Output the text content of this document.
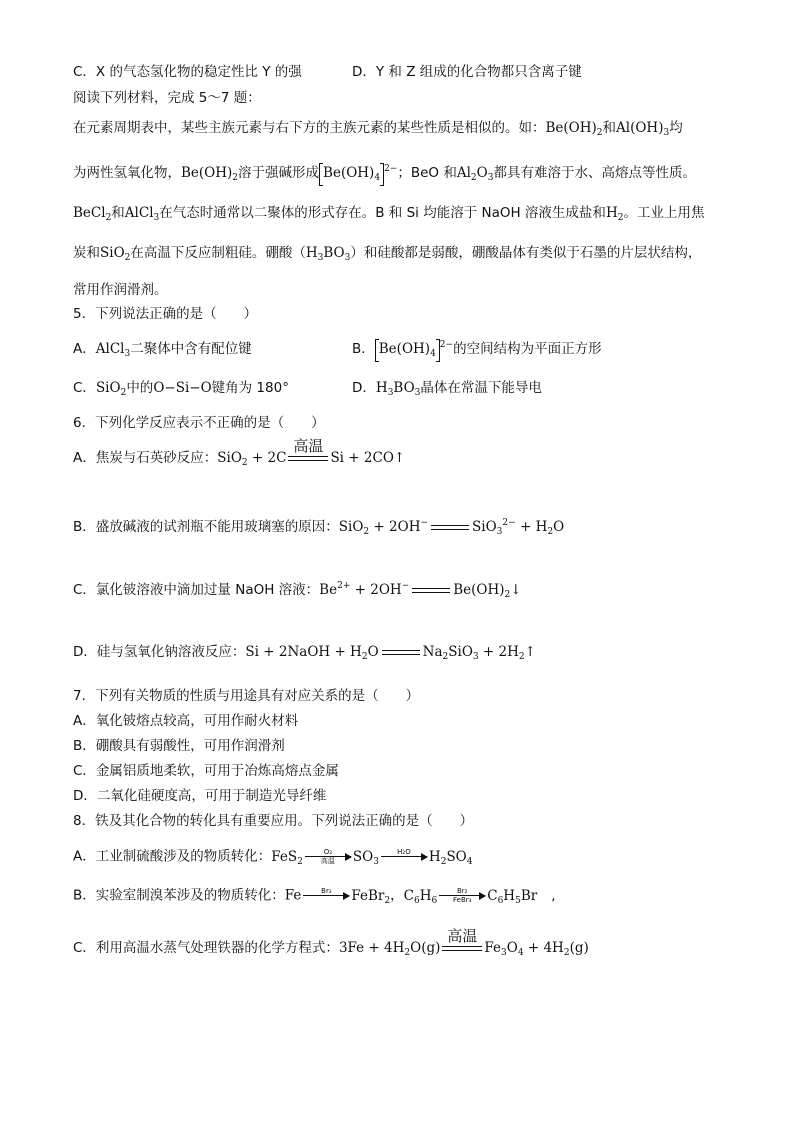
C．X 的气态氢化物的稳定性比 Y 的强	D．Y 和 Z 组成的化合物都只含离子键
阅读下列材料，完成 5～7 题：
在元素周期表中，某些主族元素与右下方的主族元素的某些性质是相似的。如：$Be(OH)_2$和$Al(OH)_3$均
为两性氢氧化物，$Be(OH)_2$溶于强碱形成 $Be(OH)_4^{2-}$；BeO 和$Al_2O_3$都具有难溶于水、高熔点等性质。
BeCl$_2$和AlCl$_3$在气态时通常以二聚体的形式存在。B 和 Si 均能溶于 NaOH 溶液生成盐和$H_2$。工业上用焦
炭和SiO$_2$在高温下反应制粗硅。硼酸$(H_3BO_3)$和硅酸都是弱酸，硼酸晶体有类似于石墨的片层状结构，
常用作润滑剂。
5．下列说法正确的是（　　）
A．AlCl$_3$二聚体中含有配位键	B． $Be(OH)_4^{2-}$的空间结构为平面正方形
C．SiO$_2$中的O−Si−O键角为 180°	D．$H_3BO_3$晶体在常温下能导电
6．下列化学反应表示不正确的是（　　）
A．焦炭与石英砂反应：SiO$_2$ + 2C
高温
Si + 2CO↑
B．盛放碱液的试剂瓶不能用玻璃塞的原因：SiO$_2$ + 2OH−	$SiO_3^{2-} + H_2O$
C．氯化铍溶液中滴加过量 NaOH 溶液：$Be^{2+} + 2OH^-$	$Be(OH)_2↓$
D．硅与氢氧化钠溶液反应：Si + 2NaOH + $H_2O$	$Na_2SiO_3$ + $2H_2↑$
7．下列有关物质的性质与用途具有对应关系的是（　　）
A．氧化铍熔点较高，可用作耐火材料
B．硼酸具有弱酸性，可用作润滑剂
C．金属铝质地柔软，可用于冶炼高熔点金属
D．二氧化硅硬度高，可用于制造光导纤维
8．铁及其化合物的转化具有重要应用。下列说法正确的是（　　）
A．工业制硫酸涉及的物质转化：FeS$_2$
O₂
高温	$SO_3$
H₂O
	$H_2SO_4$
B．实验室制溴苯涉及的物质转化：Fe	Br₂
	FeBr$_2$，$C_6H_6$
Br₂
FeBr₃	$C_6H_5Br$ ,
C．利用高温水蒸气处理铁器的化学方程式：$3Fe + 4H_2O(g)$
高温
$Fe_3O_4 + 4H_2(g)$
